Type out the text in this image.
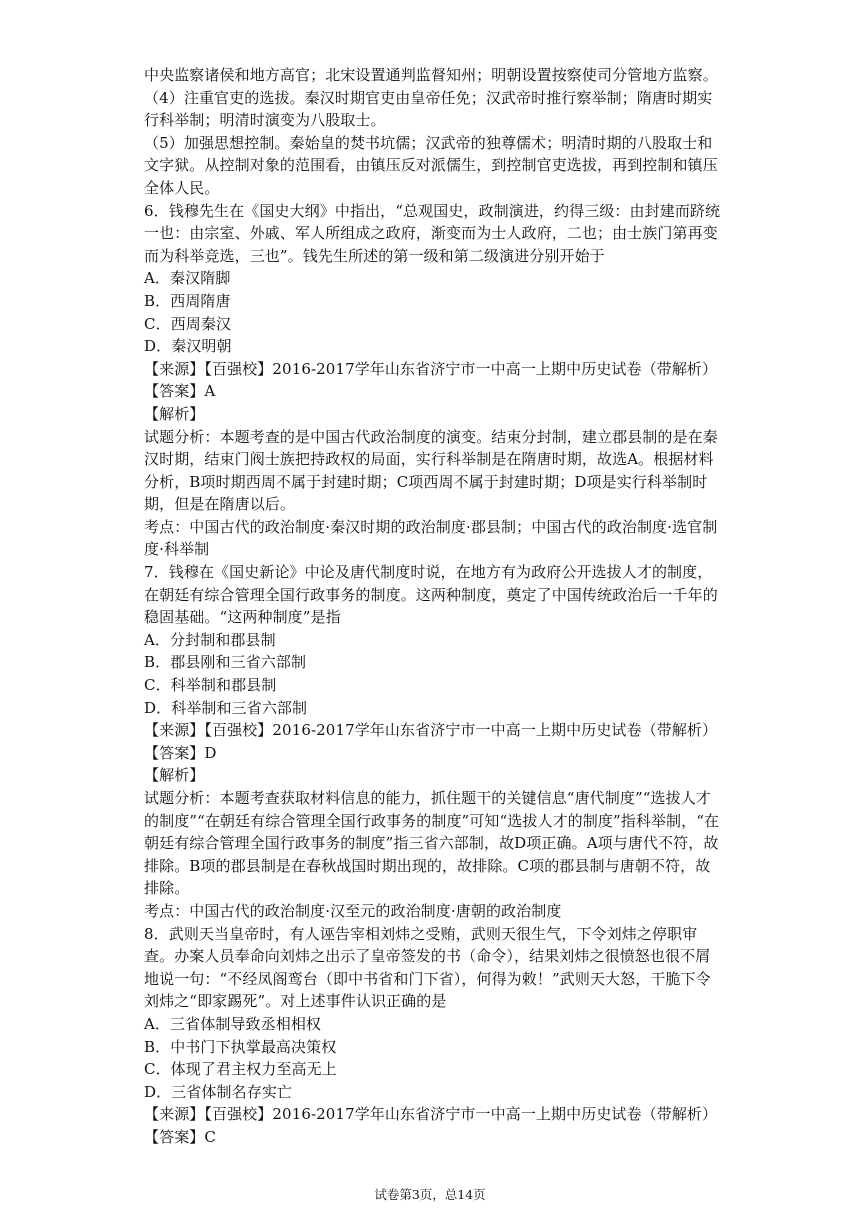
中央监察诸侯和地方高官；北宋设置通判监督知州；明朝设置按察使司分管地方监察。

（4）注重官吏的选拔。秦汉时期官吏由皇帝任免；汉武帝时推行察举制；隋唐时期实行科举制；明清时演变为八股取士。

（5）加强思想控制。秦始皇的焚书坑儒；汉武帝的独尊儒术；明清时期的八股取士和文字狱。从控制对象的范围看，由镇压反对派儒生，到控制官吏选拔，再到控制和镇压全体人民。

6．钱穆先生在《国史大纲》中指出，“总观国史，政制演进，约得三级：由封建而跻统一也：由宗室、外戚、军人所组成之政府，渐变而为士人政府，二也；由士族门第再变而为科举竞选，三也”。钱先生所述的第一级和第二级演进分别开始于

A．秦汉隋脚

B．西周隋唐

C．西周秦汉

D．秦汉明朝

【来源】【百强校】2016-2017学年山东省济宁市一中高一上期中历史试卷（带解析）

【答案】A

【解析】

试题分析：本题考查的是中国古代政治制度的演变。结束分封制，建立郡县制的是在秦汉时期，结束门阀士族把持政权的局面，实行科举制是在隋唐时期，故选A。根据材料分析，B项时期西周不属于封建时期；C项西周不属于封建时期；D项是实行科举制时期，但是在隋唐以后。

考点：中国古代的政治制度·秦汉时期的政治制度·郡县制；中国古代的政治制度·选官制度·科举制

7．钱穆在《国史新论》中论及唐代制度时说，在地方有为政府公开选拔人才的制度，在朝廷有综合管理全国行政事务的制度。这两种制度，奠定了中国传统政治后一千年的稳固基础。“这两种制度”是指

A．分封制和郡县制

B．郡县刚和三省六部制

C．科举制和郡县制

D．科举制和三省六部制

【来源】【百强校】2016-2017学年山东省济宁市一中高一上期中历史试卷（带解析）

【答案】D

【解析】

试题分析：本题考查获取材料信息的能力，抓住题干的关键信息“唐代制度”“选拔人才的制度”“在朝廷有综合管理全国行政事务的制度”可知“选拔人才的制度”指科举制，“在朝廷有综合管理全国行政事务的制度”指三省六部制，故D项正确。A项与唐代不符，故排除。B项的郡县制是在春秋战国时期出现的，故排除。C项的郡县制与唐朝不符，故排除。

考点：中国古代的政治制度·汉至元的政治制度·唐朝的政治制度

8．武则天当皇帝时，有人诬告宰相刘炜之受贿，武则天很生气，下令刘炜之停职审查。办案人员奉命向刘炜之出示了皇帝签发的书（命令），结果刘炜之很愤怒也很不屑地说一句：“不经凤阁鸾台（即中书省和门下省），何得为敕！”武则天大怒，干脆下令刘炜之“即家踢死”。对上述事件认识正确的是

A．三省体制导致丞相相权

B．中书门下执掌最高决策权

C．体现了君主权力至高无上

D．三省体制名存实亡

【来源】【百强校】2016-2017学年山东省济宁市一中高一上期中历史试卷（带解析）

【答案】C

试卷第3页，总14页
